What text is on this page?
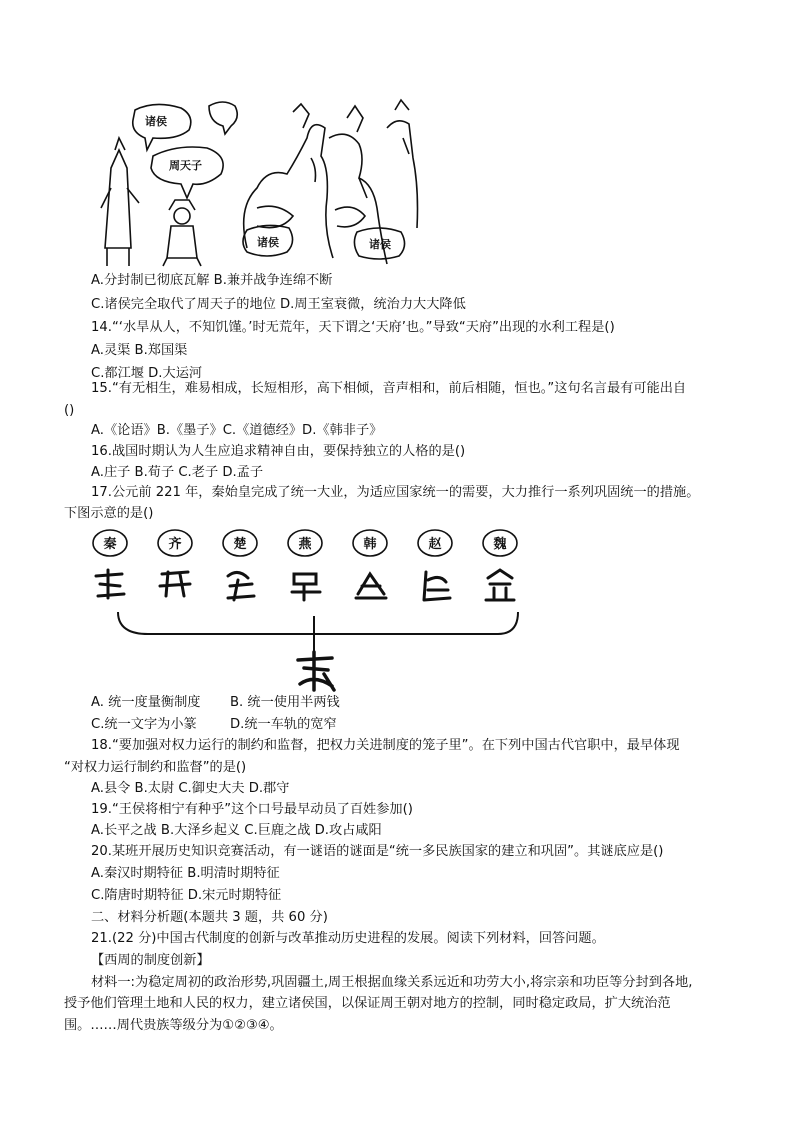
诸侯
周天子
诸侯	诸侯
A.分封制已彻底瓦解 B.兼并战争连绵不断
C.诸侯完全取代了周天子的地位 D.周王室衰微，统治力大大降低
14.“‘水旱从人，不知饥馑。’时无荒年，天下谓之‘天府’也。”导致“天府”出现的水利工程是()
A.灵渠 B.郑国渠
C.都江堰 D.大运河
15.“有无相生，难易相成，长短相形，高下相倾，音声相和，前后相随，恒也。”这句名言最有可能出自
()
A.《论语》B.《墨子》C.《道德经》D.《韩非子》
16.战国时期认为人生应追求精神自由，要保持独立的人格的是()
A.庄子 B.荀子 C.老子 D.孟子
17.公元前 221 年，秦始皇完成了统一大业，为适应国家统一的需要，大力推行一系列巩固统一的措施。
下图示意的是()
秦	齐	楚	燕	韩	赵	魏
A. 统一度量衡制度 B. 统一使用半两钱
C.统一文字为小篆	D.统一车轨的宽窄
18.“要加强对权力运行的制约和监督，把权力关进制度的笼子里”。在下列中国古代官职中，最早体现
“对权力运行制约和监督”的是()
A.县令 B.太尉 C.御史大夫 D.郡守
19.“王侯将相宁有种乎”这个口号最早动员了百姓参加()
A.长平之战 B.大泽乡起义 C.巨鹿之战 D.攻占咸阳
20.某班开展历史知识竞赛活动，有一谜语的谜面是“统一多民族国家的建立和巩固”。其谜底应是()
A.秦汉时期特征 B.明清时期特征
C.隋唐时期特征 D.宋元时期特征
二、材料分析题(本题共 3 题，共 60 分)
21.(22 分)中国古代制度的创新与改革推动历史进程的发展。阅读下列材料，回答问题。
【西周的制度创新】
材料一:为稳定周初的政治形势,巩固疆土,周王根据血缘关系远近和功劳大小,将宗亲和功臣等分封到各地,
授予他们管理土地和人民的权力，建立诸侯国，以保证周王朝对地方的控制，同时稳定政局，扩大统治范
围。……周代贵族等级分为①②③④。
